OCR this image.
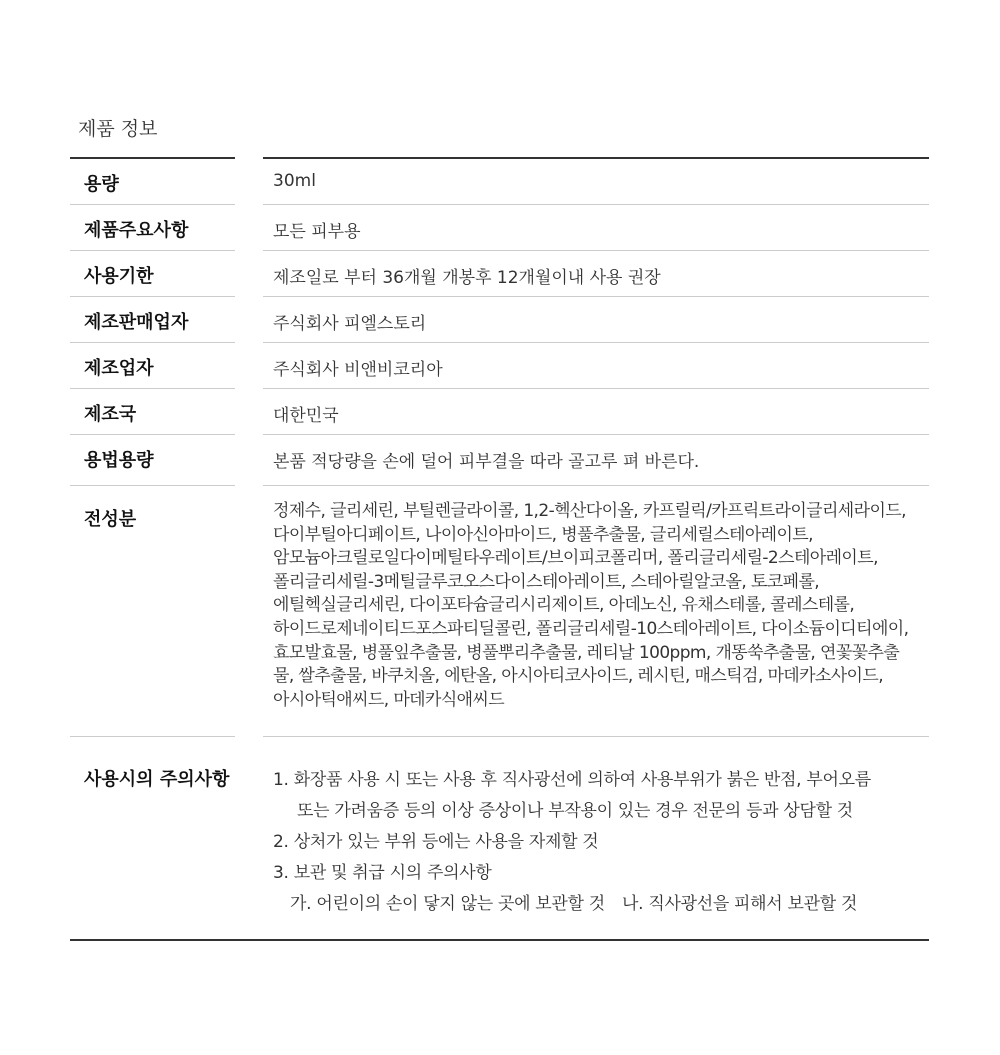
제품 정보
용량	30ml
제품주요사항	모든 피부용
사용기한	제조일로 부터 36개월 개봉후 12개월이내 사용 권장
제조판매업자	주식회사 피엘스토리
제조업자	주식회사 비앤비코리아
제조국	대한민국
용법용량	본품 적당량을 손에 덜어 피부결을 따라 골고루 펴 바른다.
전성분	정제수, 글리세린, 부틸렌글라이콜, 1,2-헥산다이올, 카프릴릭/카프릭트라이글리세라이드,
다이부틸아디페이트, 나이아신아마이드, 병풀추출물, 글리세릴스테아레이트,
암모늄아크릴로일다이메틸타우레이트/브이피코폴리머, 폴리글리세릴-2스테아레이트,
폴리글리세릴-3메틸글루코오스다이스테아레이트, 스테아릴알코올, 토코페롤,
에틸헥실글리세린, 다이포타슘글리시리제이트, 아데노신, 유채스테롤, 콜레스테롤,
하이드로제네이티드포스파티딜콜린, 폴리글리세릴-10스테아레이트, 다이소듐이디티에이,
효모발효물, 병풀잎추출물, 병풀뿌리추출물, 레티날 100ppm, 개똥쑥추출물, 연꽃꽃추출
물, 쌀추출물, 바쿠치올, 에탄올, 아시아티코사이드, 레시틴, 매스틱검, 마데카소사이드,
아시아틱애씨드, 마데카식애씨드
사용시의 주의사항	1. 화장품 사용 시 또는 사용 후 직사광선에 의하여 사용부위가 붉은 반점, 부어오름
또는 가려움증 등의 이상 증상이나 부작용이 있는 경우 전문의 등과 상담할 것
2. 상처가 있는 부위 등에는 사용을 자제할 것
3. 보관 및 취급 시의 주의사항
가. 어린이의 손이 닿지 않는 곳에 보관할 것 나. 직사광선을 피해서 보관할 것
